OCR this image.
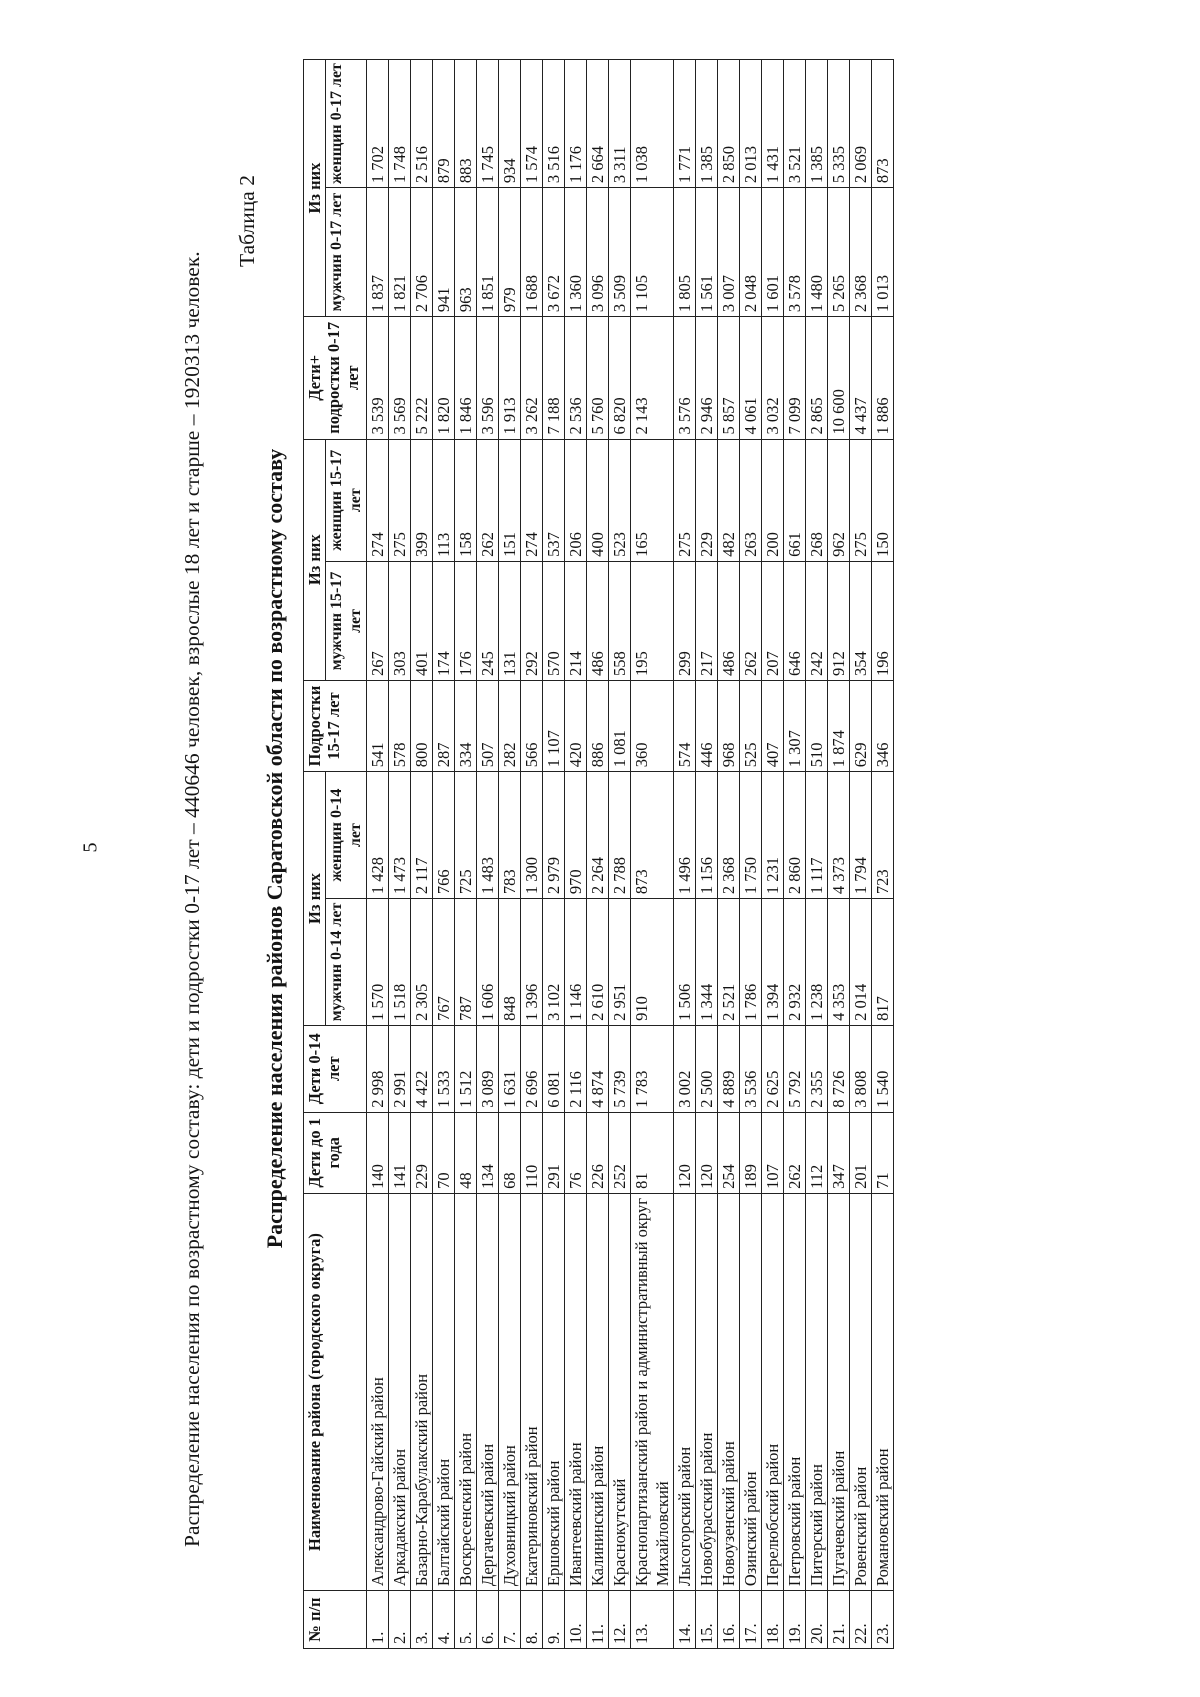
5	Распределение населения по возрастному составу: дети и подростки 0-17 лет – 440646 человек, взрослые 18 лет и старше – 1920313 человек.
Таблица 2
Распределение населения районов Саратовской области по возрастному составу
№ п/п	Наименование района (городского округа)	Дети до 1 года	Дети 0-14 лет	Из них		Подростки 15-17 лет	Из них		Дети+ подростки 0-17 лет	Из них	
				мужчин 0-14 лет	женщин 0-14 лет		мужчин 15-17 лет	женщин 15-17 лет		мужчин 0-17 лет	женщин 0-17 лет
1.	Александрово-Гайский район	140	2 998	1 570	1 428	541	267	274	3 539	1 837	1 702
2.	Аркадакский район	141	2 991	1 518	1 473	578	303	275	3 569	1 821	1 748
3.	Базарно-Карабулакский район	229	4 422	2 305	2 117	800	401	399	5 222	2 706	2 516
4.	Балтайский район	70	1 533	767	766	287	174	113	1 820	941	879
5.	Воскресенский район	48	1 512	787	725	334	176	158	1 846	963	883
6.	Дергачевский район	134	3 089	1 606	1 483	507	245	262	3 596	1 851	1 745
7.	Духовницкий район	68	1 631	848	783	282	131	151	1 913	979	934
8.	Екатериновский район	110	2 696	1 396	1 300	566	292	274	3 262	1 688	1 574
9.	Ершовский район	291	6 081	3 102	2 979	1 107	570	537	7 188	3 672	3 516
10.	Ивантеевский район	76	2 116	1 146	970	420	214	206	2 536	1 360	1 176
11.	Калининский район	226	4 874	2 610	2 264	886	486	400	5 760	3 096	2 664
12.	Краснокутский	252	5 739	2 951	2 788	1 081	558	523	6 820	3 509	3 311
13.	Краснопартизанский район и административный округ Михайловский	81	1 783	910	873	360	195	165	2 143	1 105	1 038
14.	Лысогорский район	120	3 002	1 506	1 496	574	299	275	3 576	1 805	1 771
15.	Новобурасский район	120	2 500	1 344	1 156	446	217	229	2 946	1 561	1 385
16.	Новоузенский район	254	4 889	2 521	2 368	968	486	482	5 857	3 007	2 850
17.	Озинский район	189	3 536	1 786	1 750	525	262	263	4 061	2 048	2 013
18.	Перелюбский район	107	2 625	1 394	1 231	407	207	200	3 032	1 601	1 431
19.	Петровский район	262	5 792	2 932	2 860	1 307	646	661	7 099	3 578	3 521
20.	Питерский район	112	2 355	1 238	1 117	510	242	268	2 865	1 480	1 385
21.	Пугачевский район	347	8 726	4 353	4 373	1 874	912	962	10 600	5 265	5 335
22.	Ровенский район	201	3 808	2 014	1 794	629	354	275	4 437	2 368	2 069
23.	Романовский район	71	1 540	817	723	346	196	150	1 886	1 013	873
